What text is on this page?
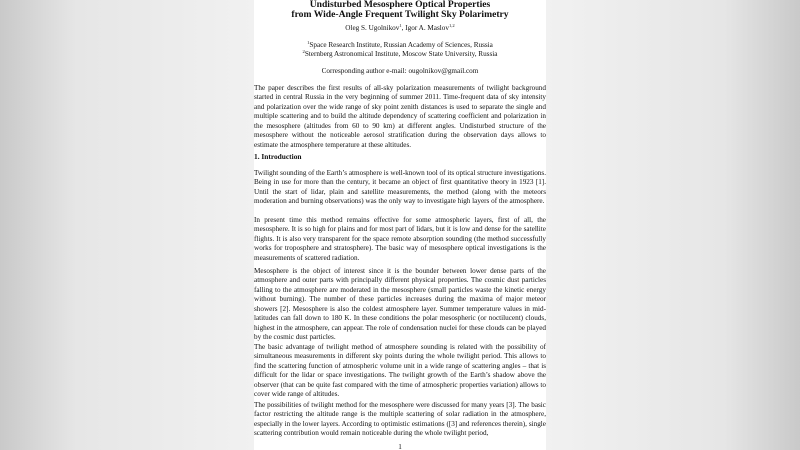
Undisturbed Mesosphere Optical Properties
from Wide-Angle Frequent Twilight Sky Polarimetry
Oleg S. Ugolnikov$^1$, Igor A. Maslov$^{1,2}$
$^1$Space Research Institute, Russian Academy of Sciences, Russia
$^2$Sternberg Astronomical Institute, Moscow State University, Russia
Corresponding author e-mail: ougolnikov@gmail.com

The paper describes the first results of all-sky polarization measurements of twilight background started in central Russia in the very beginning of summer 2011. Time-frequent data of sky intensity and polarization over the wide range of sky point zenith distances is used to separate the single and multiple scattering and to build the altitude dependency of scattering coefficient and polarization in the mesosphere (altitudes from 60 to 90 km) at different angles. Undisturbed structure of the mesosphere without the noticeable aerosol stratification during the observation days allows to estimate the atmosphere temperature at these altitudes.

1. Introduction

Twilight sounding of the Earth’s atmosphere is well-known tool of its optical structure investigations. Being in use for more than the century, it became an object of first quantitative theory in 1923 [1]. Until the start of lidar, plain and satellite measurements, the method (along with the meteors moderation and burning observations) was the only way to investigate high layers of the atmosphere.

In present time this method remains effective for some atmospheric layers, first of all, the mesosphere. It is so high for plains and for most part of lidars, but it is low and dense for the satellite flights. It is also very transparent for the space remote absorption sounding (the method successfully works for troposphere and stratosphere). The basic way of mesosphere optical investigations is the measurements of scattered radiation.

Mesosphere is the object of interest since it is the bounder between lower dense parts of the atmosphere and outer parts with principally different physical properties. The cosmic dust particles falling to the atmosphere are moderated in the mesosphere (small particles waste the kinetic energy without burning). The number of these particles increases during the maxima of major meteor showers [2]. Mesosphere is also the coldest atmosphere layer. Summer temperature values in mid-latitudes can fall down to 180 K. In these conditions the polar mesospheric (or noctilucent) clouds, highest in the atmosphere, can appear. The role of condensation nuclei for these clouds can be played by the cosmic dust particles.

The basic advantage of twilight method of atmosphere sounding is related with the possibility of simultaneous measurements in different sky points during the whole twilight period. This allows to find the scattering function of atmospheric volume unit in a wide range of scattering angles – that is difficult for the lidar or space investigations. The twilight growth of the Earth’s shadow above the observer (that can be quite fast compared with the time of atmospheric properties variation) allows to cover wide range of altitudes.

The possibilities of twilight method for the mesosphere were discussed for many years [3]. The basic factor restricting the altitude range is the multiple scattering of solar radiation in the atmosphere, especially in the lower layers. According to optimistic estimations ([3] and references therein), single scattering contribution would remain noticeable during the whole twilight period,

1
